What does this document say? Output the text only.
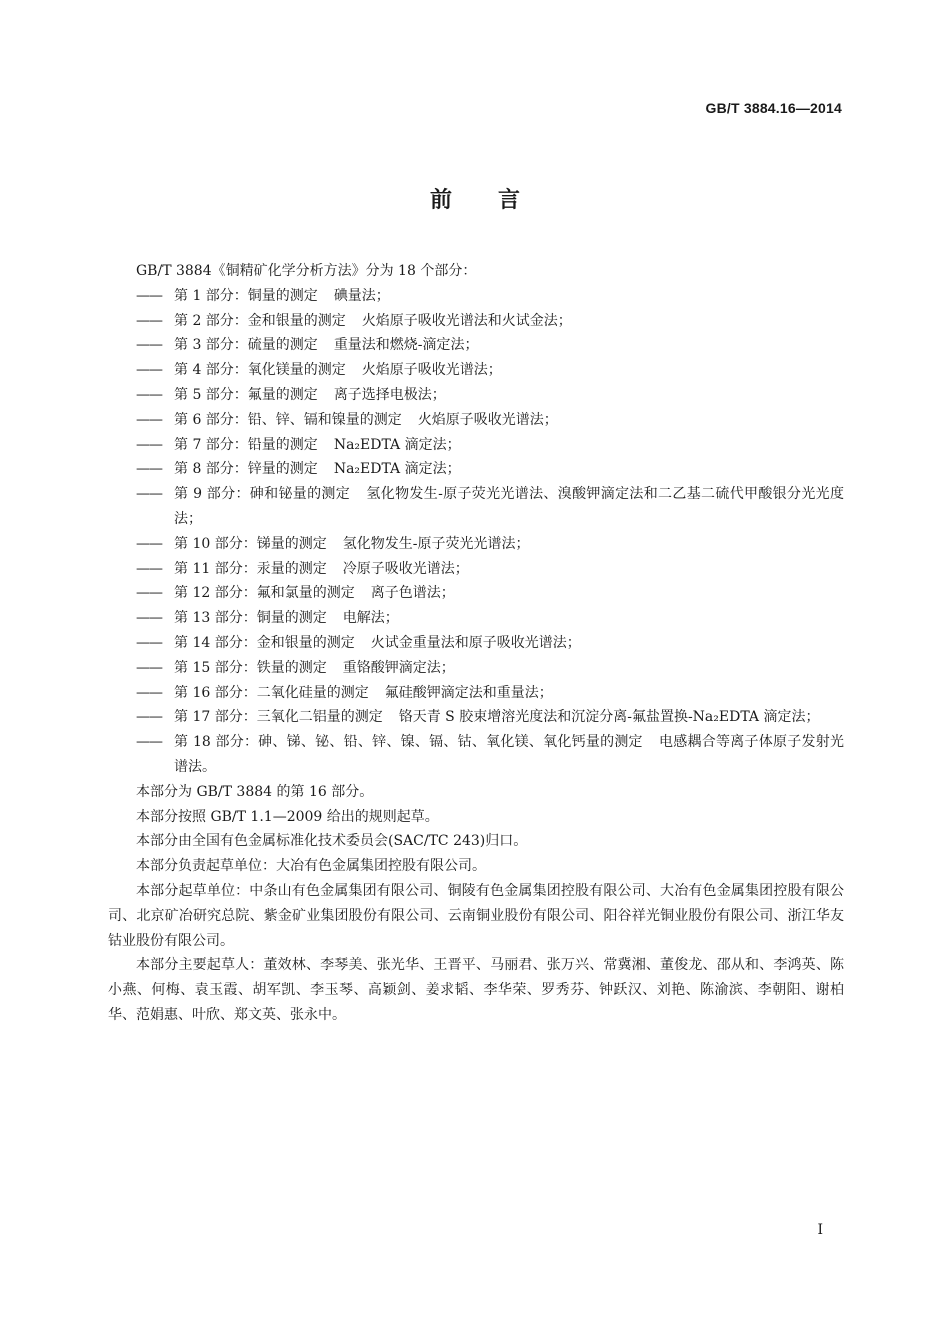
GB/T 3884.16—2014
前言
GB/T 3884《铜精矿化学分析方法》分为 18 个部分：
—— 第 1 部分：铜量的测定 碘量法；
—— 第 2 部分：金和银量的测定 火焰原子吸收光谱法和火试金法；
—— 第 3 部分：硫量的测定 重量法和燃烧-滴定法；
—— 第 4 部分：氧化镁量的测定 火焰原子吸收光谱法；
—— 第 5 部分：氟量的测定 离子选择电极法；
—— 第 6 部分：铅、锌、镉和镍量的测定 火焰原子吸收光谱法；
—— 第 7 部分：铅量的测定 Na₂EDTA 滴定法；
—— 第 8 部分：锌量的测定 Na₂EDTA 滴定法；
—— 第 9 部分：砷和铋量的测定 氢化物发生-原子荧光光谱法、溴酸钾滴定法和二乙基二硫代甲酸银分光光度法；
—— 第 10 部分：锑量的测定 氢化物发生-原子荧光光谱法；
—— 第 11 部分：汞量的测定 冷原子吸收光谱法；
—— 第 12 部分：氟和氯量的测定 离子色谱法；
—— 第 13 部分：铜量的测定 电解法；
—— 第 14 部分：金和银量的测定 火试金重量法和原子吸收光谱法；
—— 第 15 部分：铁量的测定 重铬酸钾滴定法；
—— 第 16 部分：二氧化硅量的测定 氟硅酸钾滴定法和重量法；
—— 第 17 部分：三氧化二铝量的测定 铬天青 S 胶束增溶光度法和沉淀分离-氟盐置换-Na₂EDTA 滴定法；
—— 第 18 部分：砷、锑、铋、铅、锌、镍、镉、钴、氧化镁、氧化钙量的测定 电感耦合等离子体原子发射光谱法。
本部分为 GB/T 3884 的第 16 部分。
本部分按照 GB/T 1.1—2009 给出的规则起草。
本部分由全国有色金属标准化技术委员会(SAC/TC 243)归口。
本部分负责起草单位：大冶有色金属集团控股有限公司。
本部分起草单位：中条山有色金属集团有限公司、铜陵有色金属集团控股有限公司、大冶有色金属集团控股有限公司、北京矿冶研究总院、紫金矿业集团股份有限公司、云南铜业股份有限公司、阳谷祥光铜业股份有限公司、浙江华友钴业股份有限公司。
本部分主要起草人：董效林、李琴美、张光华、王晋平、马丽君、张万兴、常冀湘、董俊龙、邵从和、李鸿英、陈小燕、何梅、袁玉霞、胡军凯、李玉琴、高颖剑、姜求韬、李华荣、罗秀芬、钟跃汉、刘艳、陈渝滨、李朝阳、谢柏华、范娟惠、叶欣、郑文英、张永中。
I
